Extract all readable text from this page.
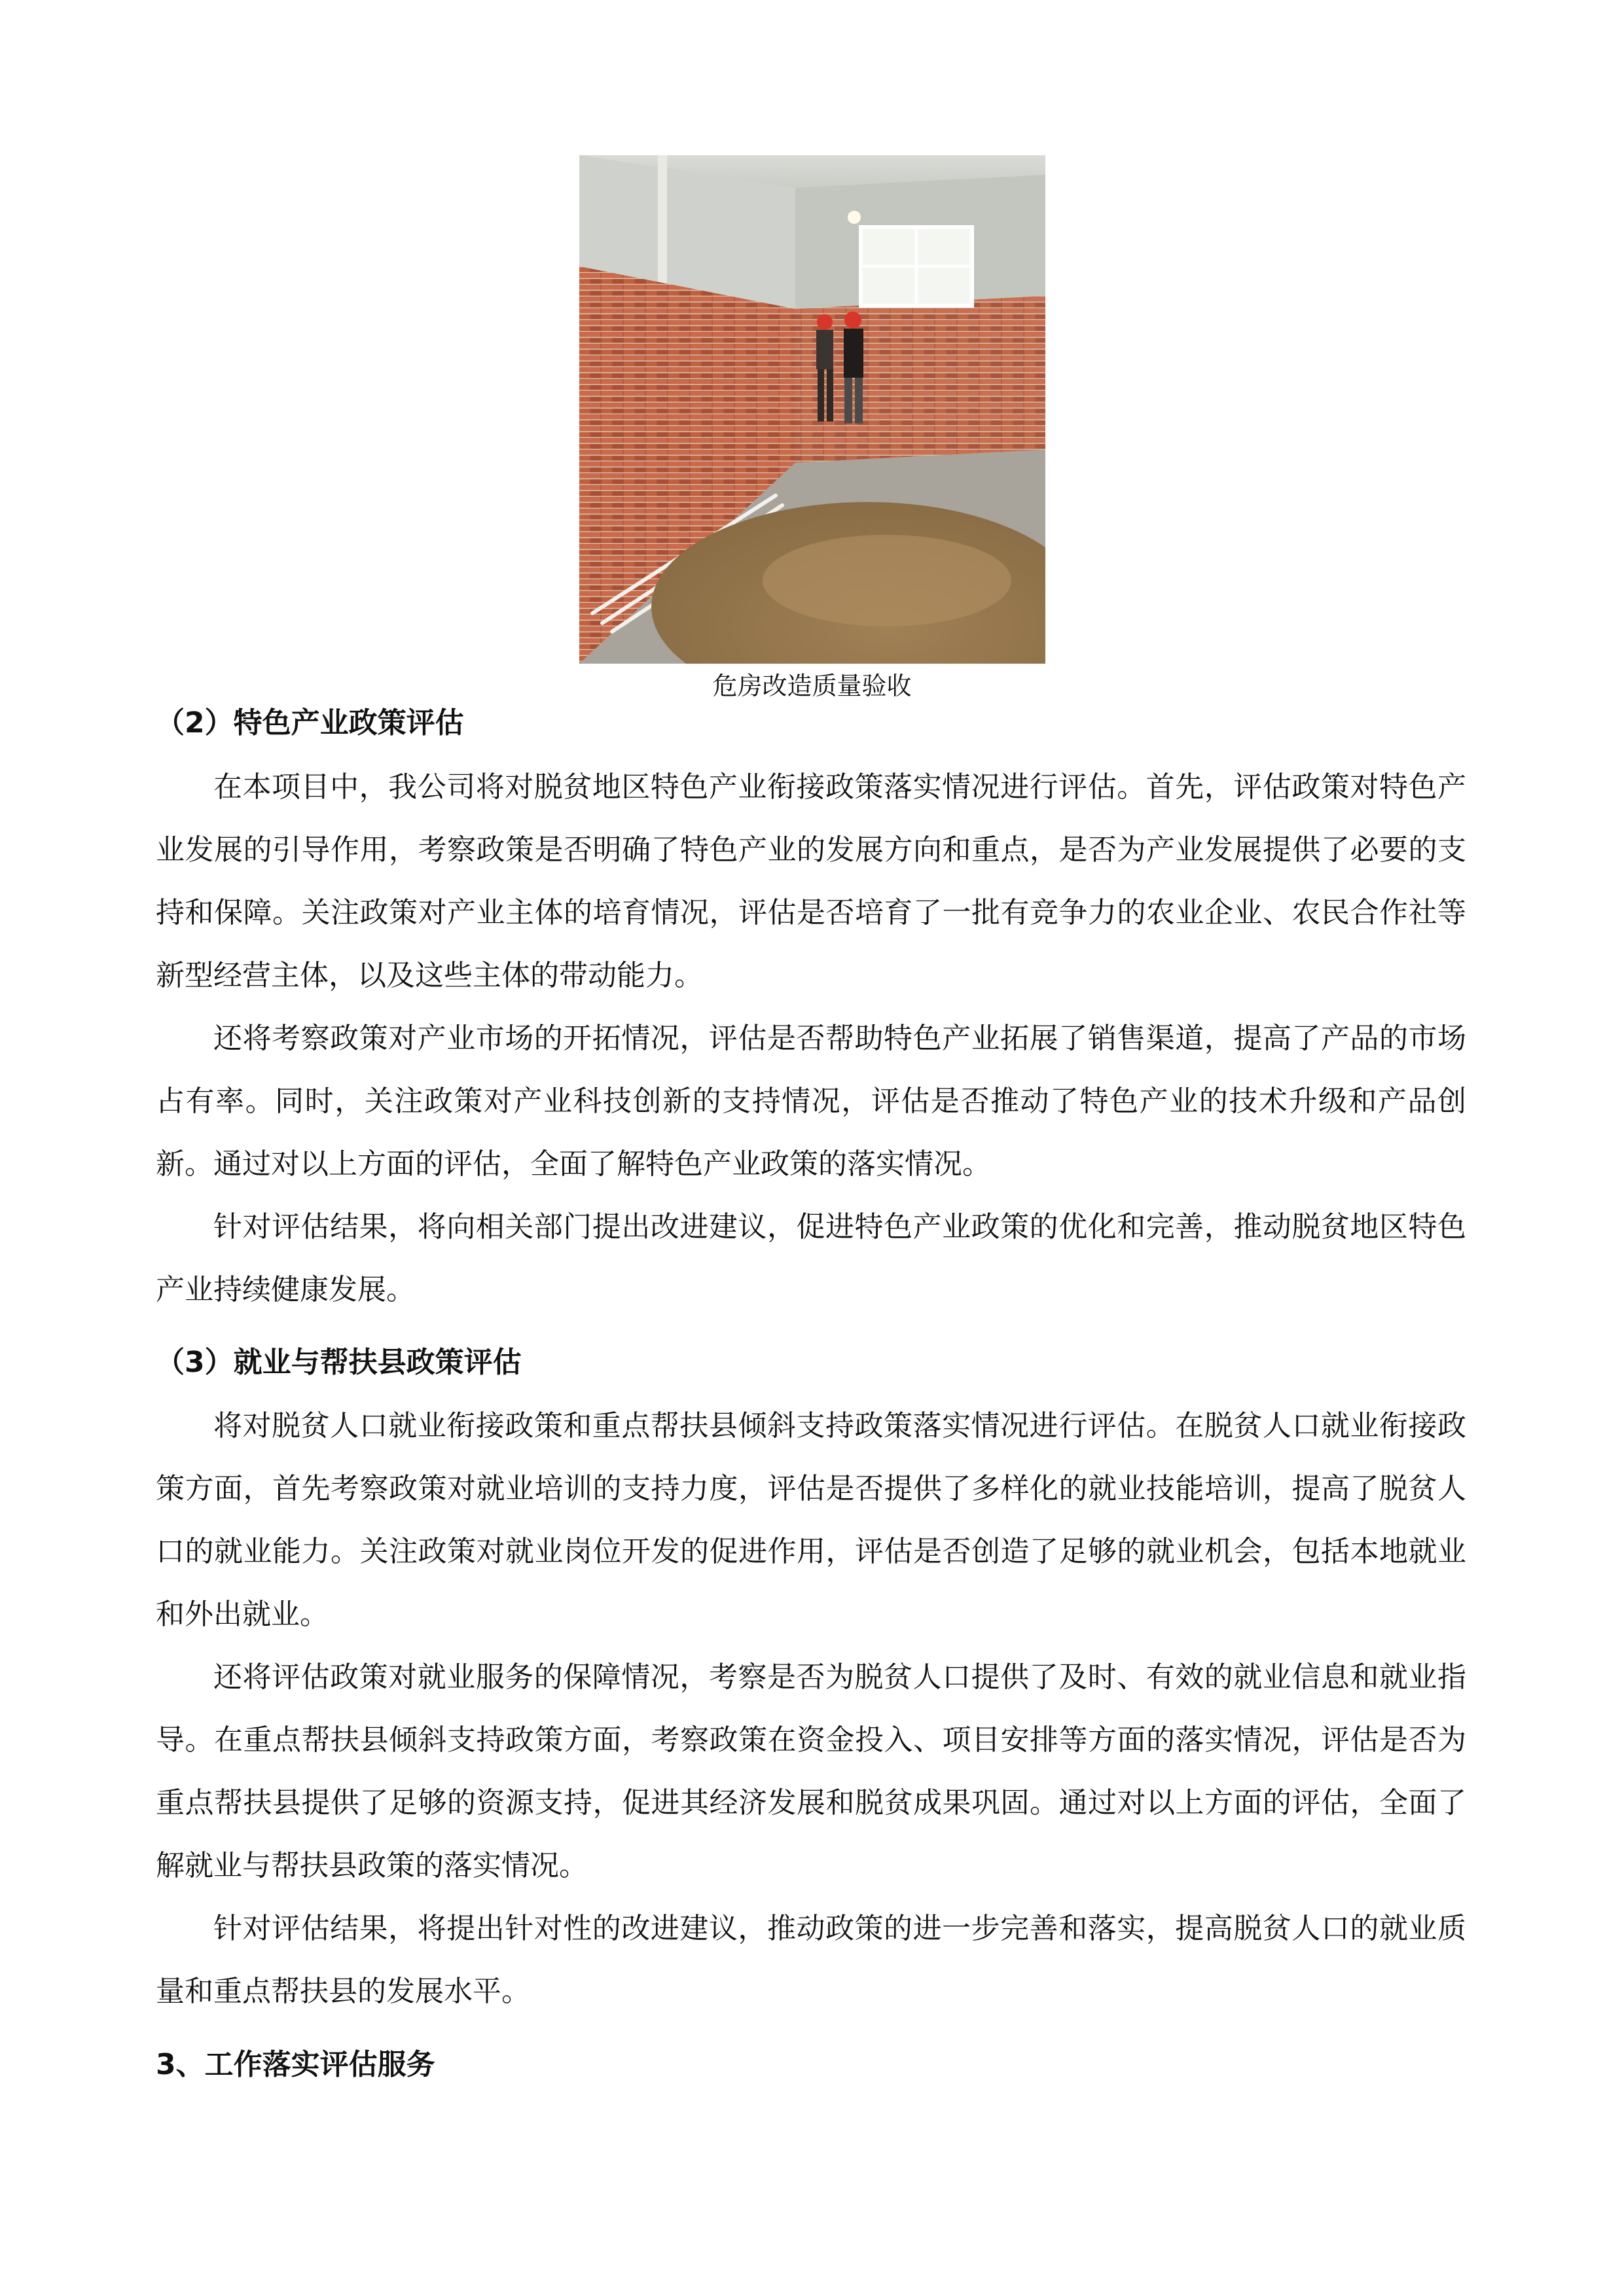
危房改造质量验收
（2）特色产业政策评估

在本项目中，我公司将对脱贫地区特色产业衔接政策落实情况进行评估。首先，评估政策对特色产业发展的引导作用，考察政策是否明确了特色产业的发展方向和重点，是否为产业发展提供了必要的支持和保障。关注政策对产业主体的培育情况，评估是否培育了一批有竞争力的农业企业、农民合作社等新型经营主体，以及这些主体的带动能力。

还将考察政策对产业市场的开拓情况，评估是否帮助特色产业拓展了销售渠道，提高了产品的市场占有率。同时，关注政策对产业科技创新的支持情况，评估是否推动了特色产业的技术升级和产品创新。通过对以上方面的评估，全面了解特色产业政策的落实情况。

针对评估结果，将向相关部门提出改进建议，促进特色产业政策的优化和完善，推动脱贫地区特色产业持续健康发展。

（3）就业与帮扶县政策评估

将对脱贫人口就业衔接政策和重点帮扶县倾斜支持政策落实情况进行评估。在脱贫人口就业衔接政策方面，首先考察政策对就业培训的支持力度，评估是否提供了多样化的就业技能培训，提高了脱贫人口的就业能力。关注政策对就业岗位开发的促进作用，评估是否创造了足够的就业机会，包括本地就业和外出就业。

还将评估政策对就业服务的保障情况，考察是否为脱贫人口提供了及时、有效的就业信息和就业指导。在重点帮扶县倾斜支持政策方面，考察政策在资金投入、项目安排等方面的落实情况，评估是否为重点帮扶县提供了足够的资源支持，促进其经济发展和脱贫成果巩固。通过对以上方面的评估，全面了解就业与帮扶县政策的落实情况。

针对评估结果，将提出针对性的改进建议，推动政策的进一步完善和落实，提高脱贫人口的就业质量和重点帮扶县的发展水平。

3、工作落实评估服务
